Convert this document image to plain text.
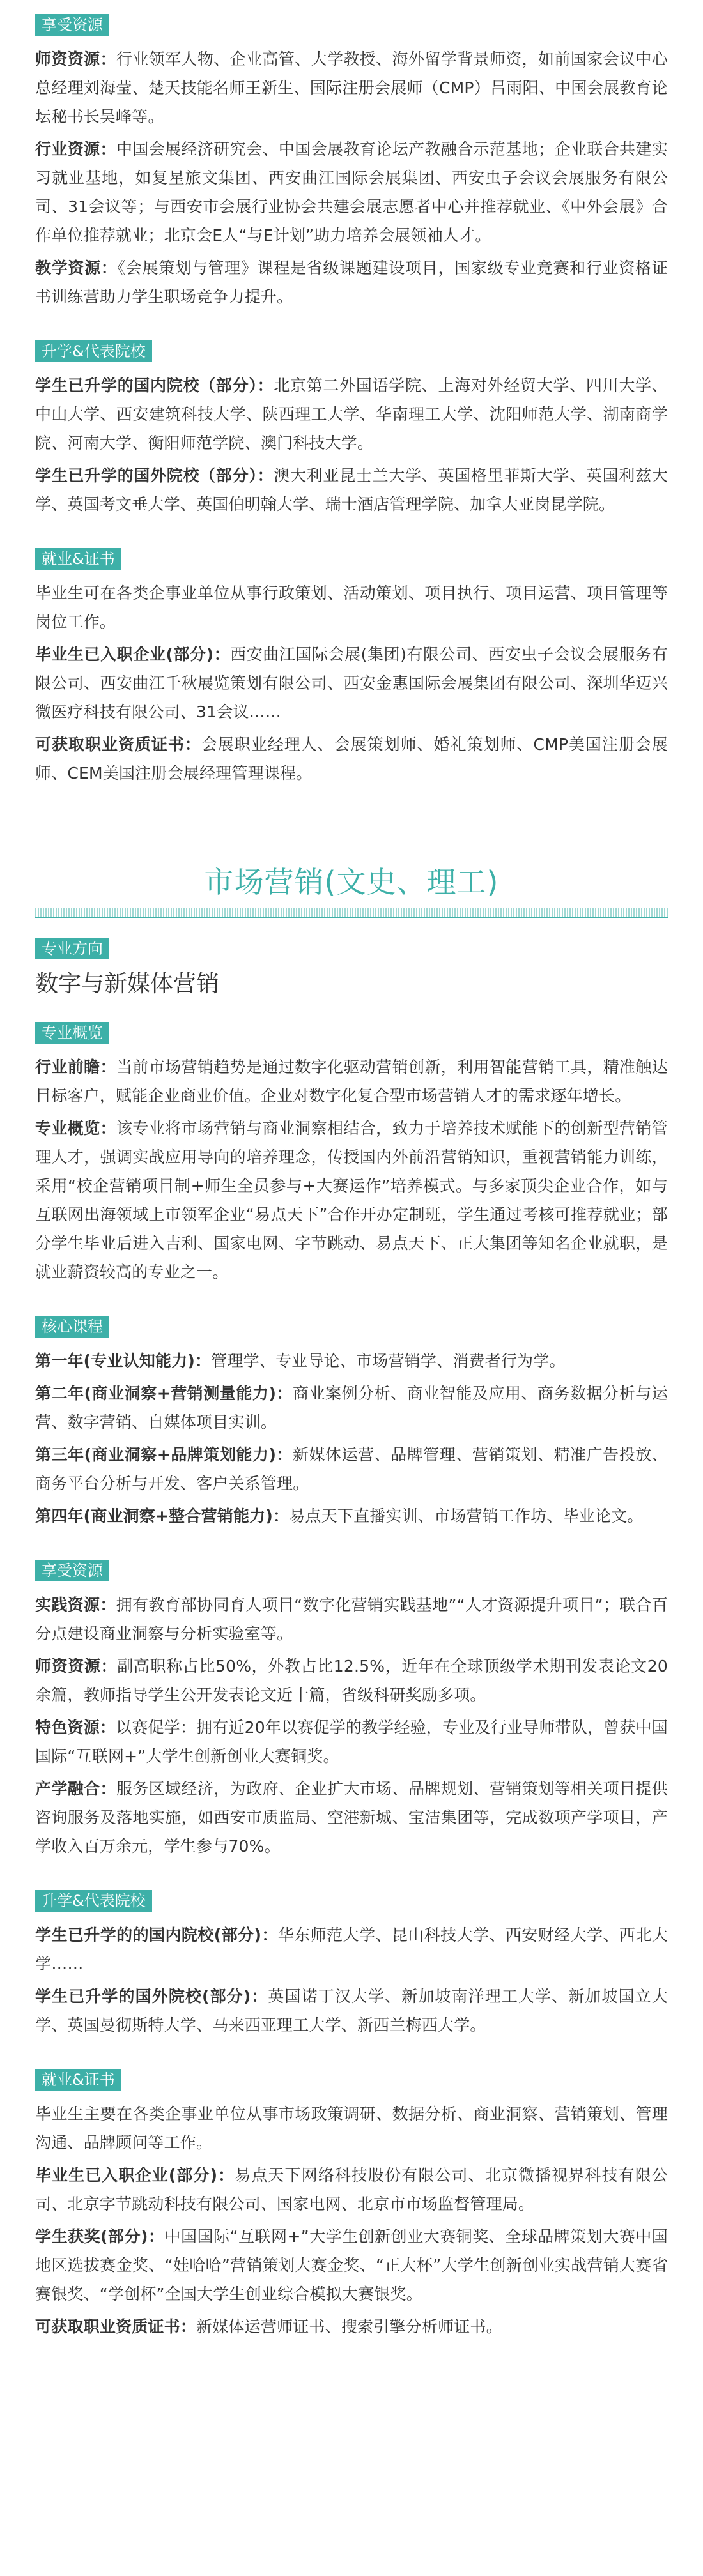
享受资源

师资资源：行业领军人物、企业高管、大学教授、海外留学背景师资，如前国家会议中心总经理刘海莹、楚天技能名师王新生、国际注册会展师（CMP）吕雨阳、中国会展教育论坛秘书长吴峰等。

行业资源：中国会展经济研究会、中国会展教育论坛产教融合示范基地；企业联合共建实习就业基地，如复星旅文集团、西安曲江国际会展集团、西安虫子会议会展服务有限公司、31会议等；与西安市会展行业协会共建会展志愿者中心并推荐就业、《中外会展》合作单位推荐就业；北京会E人“与E计划”助力培养会展领袖人才。

教学资源：《会展策划与管理》课程是省级课题建设项目，国家级专业竞赛和行业资格证书训练营助力学生职场竞争力提升。

升学&代表院校

学生已升学的国内院校（部分）：北京第二外国语学院、上海对外经贸大学、四川大学、中山大学、西安建筑科技大学、陕西理工大学、华南理工大学、沈阳师范大学、湖南商学院、河南大学、衡阳师范学院、澳门科技大学。

学生已升学的国外院校（部分）：澳大利亚昆士兰大学、英国格里菲斯大学、英国利兹大学、英国考文垂大学、英国伯明翰大学、瑞士酒店管理学院、加拿大亚岗昆学院。

就业&证书

毕业生可在各类企事业单位从事行政策划、活动策划、项目执行、项目运营、项目管理等岗位工作。

毕业生已入职企业(部分)：西安曲江国际会展(集团)有限公司、西安虫子会议会展服务有限公司、西安曲江千秋展览策划有限公司、西安金惠国际会展集团有限公司、深圳华迈兴微医疗科技有限公司、31会议……

可获取职业资质证书：会展职业经理人、会展策划师、婚礼策划师、CMP美国注册会展师、CEM美国注册会展经理管理课程。

市场营销(文史、理工)
专业方向
数字与新媒体营销
专业概览

行业前瞻：当前市场营销趋势是通过数字化驱动营销创新，利用智能营销工具，精准触达目标客户，赋能企业商业价值。企业对数字化复合型市场营销人才的需求逐年增长。

专业概览：该专业将市场营销与商业洞察相结合，致力于培养技术赋能下的创新型营销管理人才，强调实战应用导向的培养理念，传授国内外前沿营销知识，重视营销能力训练，采用“校企营销项目制+师生全员参与+大赛运作”培养模式。与多家顶尖企业合作，如与互联网出海领域上市领军企业“易点天下”合作开办定制班，学生通过考核可推荐就业；部分学生毕业后进入吉利、国家电网、字节跳动、易点天下、正大集团等知名企业就职，是就业薪资较高的专业之一。

核心课程

第一年(专业认知能力)：管理学、专业导论、市场营销学、消费者行为学。

第二年(商业洞察+营销测量能力)：商业案例分析、商业智能及应用、商务数据分析与运营、数字营销、自媒体项目实训。

第三年(商业洞察+品牌策划能力)：新媒体运营、品牌管理、营销策划、精准广告投放、商务平台分析与开发、客户关系管理。

第四年(商业洞察+整合营销能力)：易点天下直播实训、市场营销工作坊、毕业论文。

享受资源

实践资源：拥有教育部协同育人项目“数字化营销实践基地”“人才资源提升项目”；联合百分点建设商业洞察与分析实验室等。

师资资源：副高职称占比50%，外教占比12.5%，近年在全球顶级学术期刊发表论文20余篇，教师指导学生公开发表论文近十篇，省级科研奖励多项。

特色资源：以赛促学：拥有近20年以赛促学的教学经验，专业及行业导师带队，曾获中国国际“互联网+”大学生创新创业大赛铜奖。

产学融合：服务区域经济，为政府、企业扩大市场、品牌规划、营销策划等相关项目提供咨询服务及落地实施，如西安市质监局、空港新城、宝洁集团等，完成数项产学项目，产学收入百万余元，学生参与70%。

升学&代表院校

学生已升学的的国内院校(部分)：华东师范大学、昆山科技大学、西安财经大学、西北大学……

学生已升学的国外院校(部分)：英国诺丁汉大学、新加坡南洋理工大学、新加坡国立大学、英国曼彻斯特大学、马来西亚理工大学、新西兰梅西大学。

就业&证书

毕业生主要在各类企事业单位从事市场政策调研、数据分析、商业洞察、营销策划、管理沟通、品牌顾问等工作。

毕业生已入职企业(部分)：易点天下网络科技股份有限公司、北京微播视界科技有限公司、北京字节跳动科技有限公司、国家电网、北京市市场监督管理局。

学生获奖(部分)：中国国际“互联网+”大学生创新创业大赛铜奖、全球品牌策划大赛中国地区选拔赛金奖、“娃哈哈”营销策划大赛金奖、“正大杯”大学生创新创业实战营销大赛省赛银奖、“学创杯”全国大学生创业综合模拟大赛银奖。

可获取职业资质证书：新媒体运营师证书、搜索引擎分析师证书。
